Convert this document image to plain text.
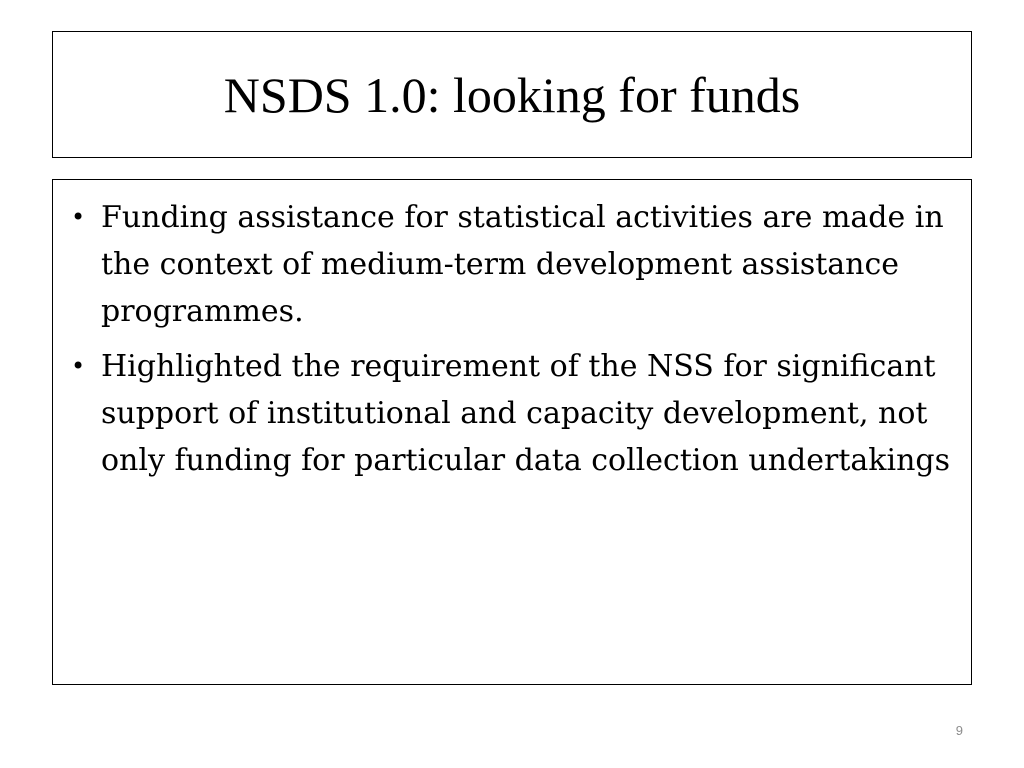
NSDS 1.0: looking for funds
• Funding assistance for statistical activities are made in the context of medium-term development assistance programmes.
• Highlighted the requirement of the NSS for significant support of institutional and capacity development, not only funding for particular data collection undertakings
9
